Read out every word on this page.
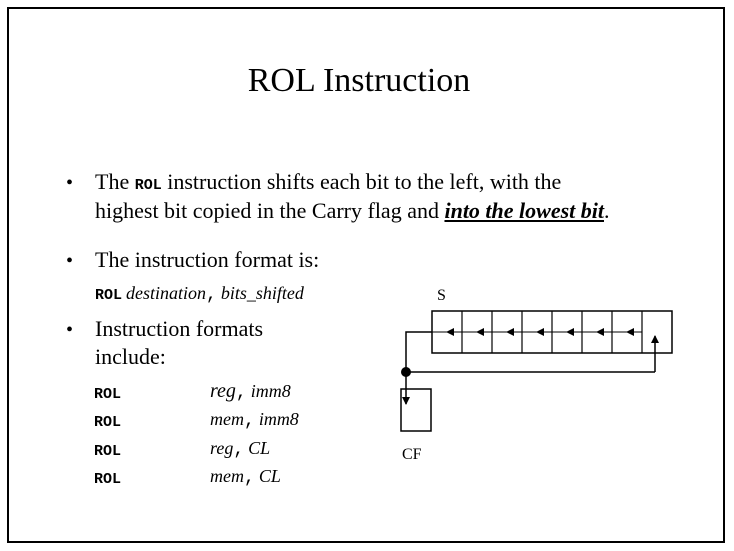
ROL Instruction
• The ROL instruction shifts each bit to the left, with the
highest bit copied in the Carry flag and into the lowest bit.
• The instruction format is:
ROL destination, bits_shifted
• Instruction formats
include:
ROL	reg, imm8
ROL	mem, imm8
ROL	reg, CL
ROL	mem, CL
S
CF
